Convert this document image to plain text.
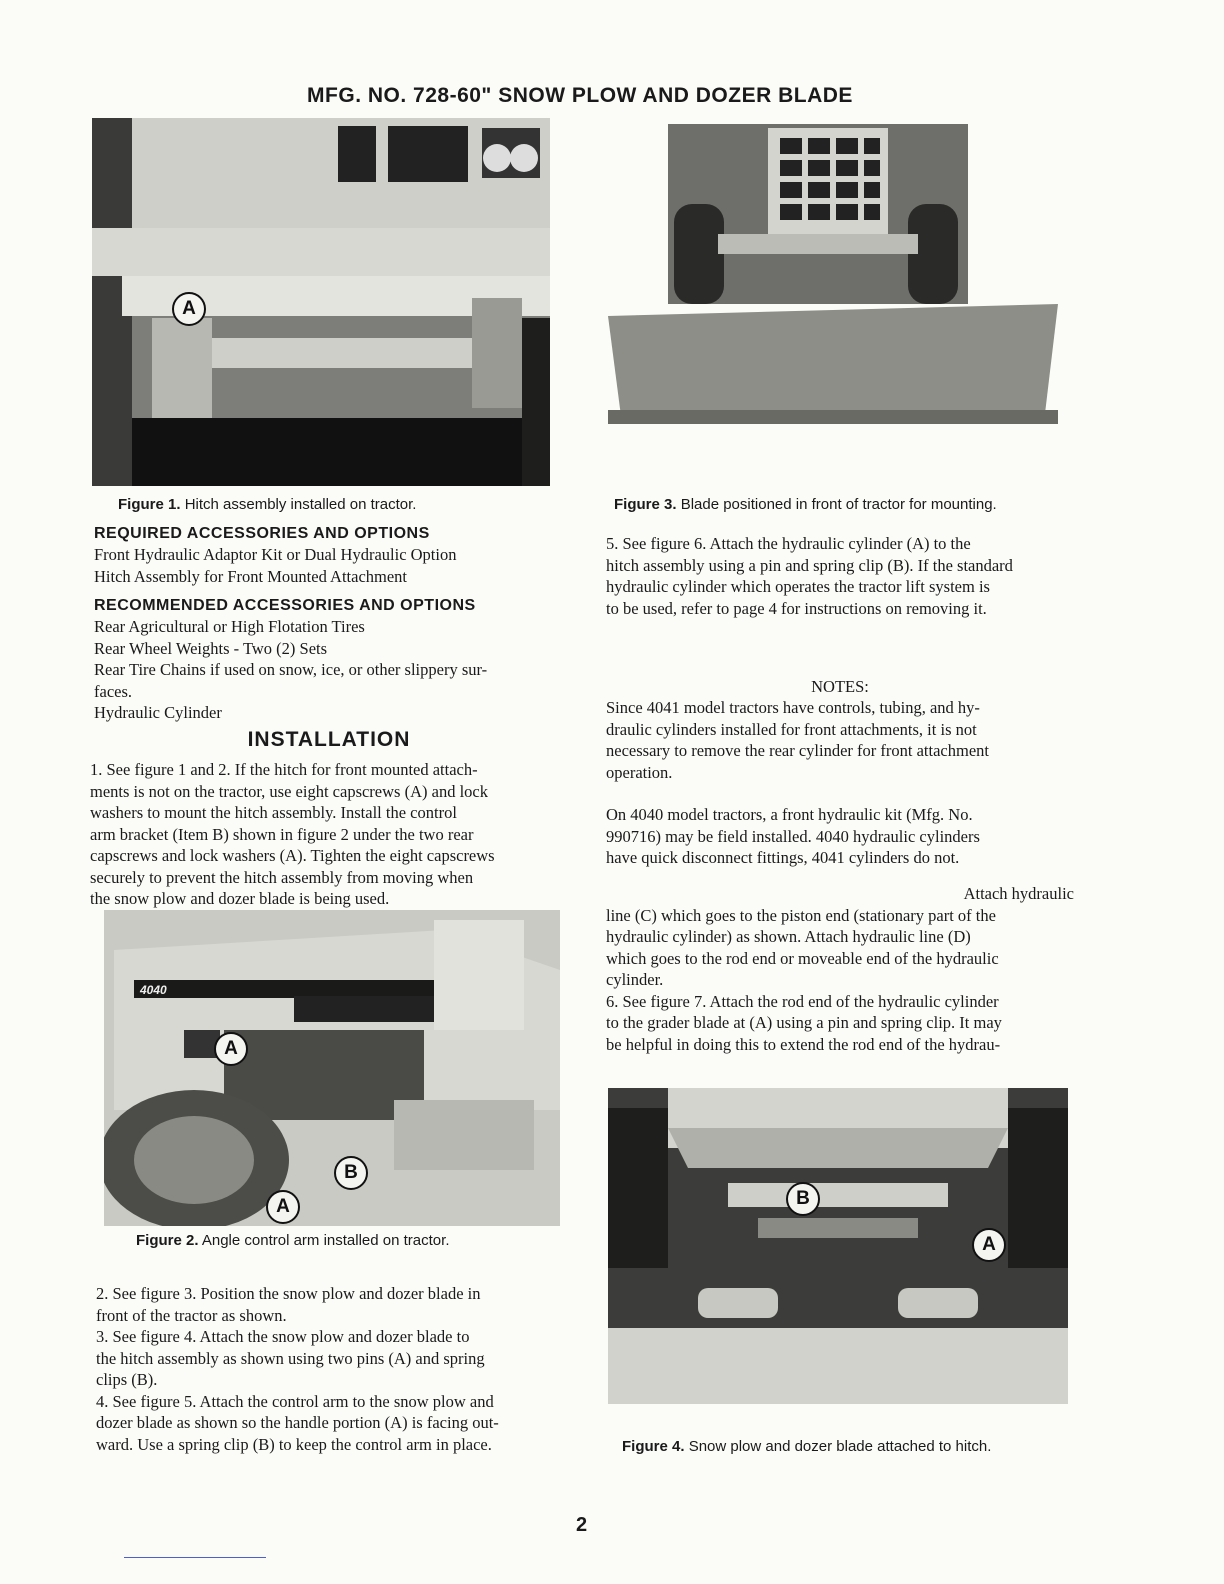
MFG. NO. 728-60" SNOW PLOW AND DOZER BLADE
A
Figure 1. Hitch assembly installed on tractor.	Figure 3. Blade positioned in front of tractor for mounting.
REQUIRED ACCESSORIES AND OPTIONS
Front Hydraulic Adaptor Kit or Dual Hydraulic Option
Hitch Assembly for Front Mounted Attachment
RECOMMENDED ACCESSORIES AND OPTIONS
Rear Agricultural or High Flotation Tires
Rear Wheel Weights - Two (2) Sets
Rear Tire Chains if used on snow, ice, or other slippery sur-
faces.
Hydraulic Cylinder
INSTALLATION
1. See figure 1 and 2. If the hitch for front mounted attach-
ments is not on the tractor, use eight capscrews (A) and lock
washers to mount the hitch assembly. Install the control
arm bracket (Item B) shown in figure 2 under the two rear
capscrews and lock washers (A). Tighten the eight capscrews
securely to prevent the hitch assembly from moving when
the snow plow and dozer blade is being used.
4040
A
B
A
Figure 2. Angle control arm installed on tractor.
2. See figure 3. Position the snow plow and dozer blade in
front of the tractor as shown.
3. See figure 4. Attach the snow plow and dozer blade to
the hitch assembly as shown using two pins (A) and spring
clips (B).
4. See figure 5. Attach the control arm to the snow plow and
dozer blade as shown so the handle portion (A) is facing out-
ward. Use a spring clip (B) to keep the control arm in place.
5. See figure 6. Attach the hydraulic cylinder (A) to the
hitch assembly using a pin and spring clip (B). If the standard
hydraulic cylinder which operates the tractor lift system is
to be used, refer to page 4 for instructions on removing it.
NOTES:
Since 4041 model tractors have controls, tubing, and hy-
draulic cylinders installed for front attachments, it is not
necessary to remove the rear cylinder for front attachment
operation.
On 4040 model tractors, a front hydraulic kit (Mfg. No.
990716) may be field installed. 4040 hydraulic cylinders
have quick disconnect fittings, 4041 cylinders do not.
Attach hydraulic
line (C) which goes to the piston end (stationary part of the
hydraulic cylinder) as shown. Attach hydraulic line (D)
which goes to the rod end or moveable end of the hydraulic
cylinder.
6. See figure 7. Attach the rod end of the hydraulic cylinder
to the grader blade at (A) using a pin and spring clip. It may
be helpful in doing this to extend the rod end of the hydrau-
B
A
Figure 4. Snow plow and dozer blade attached to hitch.
2
